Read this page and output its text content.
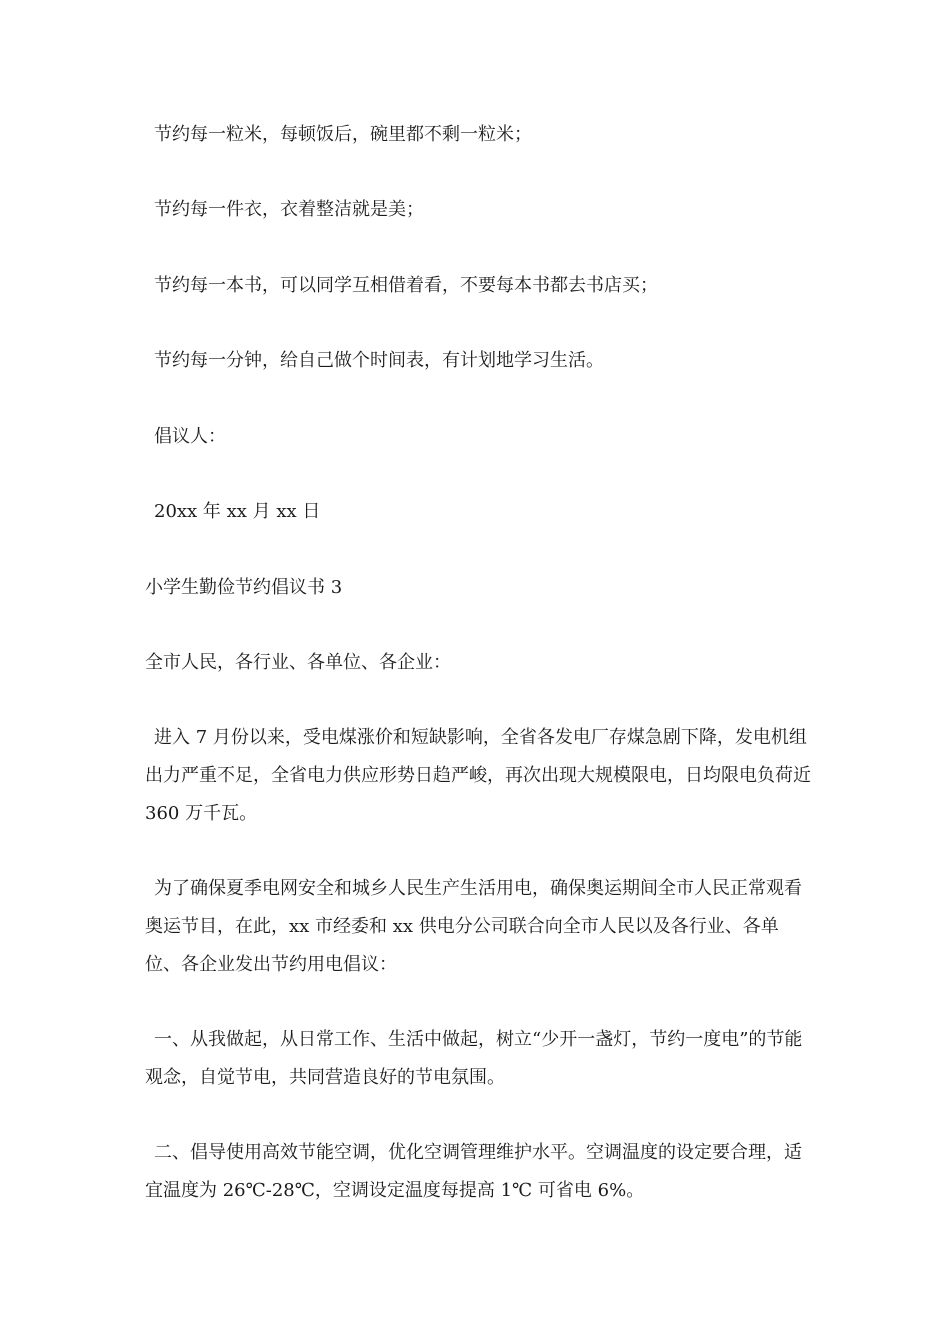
节约每一粒米，每顿饭后，碗里都不剩一粒米；

节约每一件衣，衣着整洁就是美；

节约每一本书，可以同学互相借着看，不要每本书都去书店买；

节约每一分钟，给自己做个时间表，有计划地学习生活。

倡议人：

20xx 年 xx 月 xx 日

小学生勤俭节约倡议书 3

全市人民，各行业、各单位、各企业：

进入 7 月份以来，受电煤涨价和短缺影响，全省各发电厂存煤急剧下降，发电机组出力严重不足，全省电力供应形势日趋严峻，再次出现大规模限电，日均限电负荷近 360 万千瓦。

为了确保夏季电网安全和城乡人民生产生活用电，确保奥运期间全市人民正常观看奥运节目，在此，xx 市经委和 xx 供电分公司联合向全市人民以及各行业、各单位、各企业发出节约用电倡议：

一、从我做起，从日常工作、生活中做起，树立“少开一盏灯，节约一度电”的节能观念，自觉节电，共同营造良好的节电氛围。

二、倡导使用高效节能空调，优化空调管理维护水平。空调温度的设定要合理，适宜温度为 26℃-28℃，空调设定温度每提高 1℃ 可省电 6%。
